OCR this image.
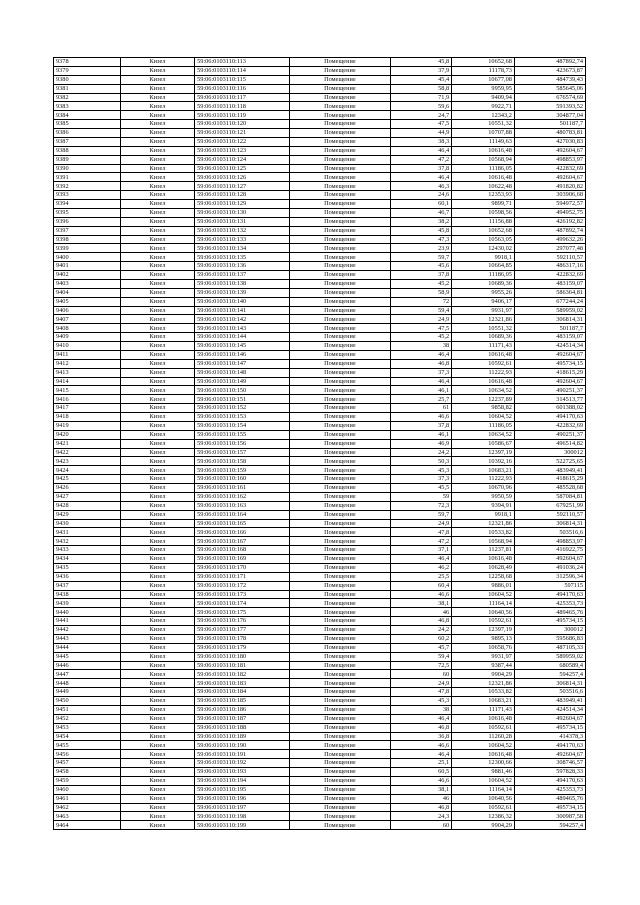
9378	Кизел	59:06:0103110:113	Помещение	45,8	10652,68	487892,74
9379	Кизел	59:06:0103110:114	Помещение	37,9	11178,73	423673,87
9380	Кизел	59:06:0103110:115	Помещение	45,4	10677,08	484739,43
9381	Кизел	59:06:0103110:116	Помещение	58,8	9959,95	585645,06
9382	Кизел	59:06:0103110:117	Помещение	71,9	9409,94	676574,69
9383	Кизел	59:06:0103110:118	Помещение	59,6	9922,71	591393,52
9384	Кизел	59:06:0103110:119	Помещение	24,7	12343,2	304877,04
9385	Кизел	59:06:0103110:120	Помещение	47,5	10551,32	501187,7
9386	Кизел	59:06:0103110:121	Помещение	44,9	10707,88	480783,81
9387	Кизел	59:06:0103110:122	Помещение	38,3	11149,63	427030,83
9388	Кизел	59:06:0103110:123	Помещение	46,4	10616,48	492604,67
9389	Кизел	59:06:0103110:124	Помещение	47,2	10568,94	498853,97
9390	Кизел	59:06:0103110:125	Помещение	37,8	11186,05	422832,69
9391	Кизел	59:06:0103110:126	Помещение	46,4	10616,48	492604,67
9392	Кизел	59:06:0103110:127	Помещение	46,3	10622,48	491820,82
9393	Кизел	59:06:0103110:128	Помещение	24,6	12353,93	303906,68
9394	Кизел	59:06:0103110:129	Помещение	60,1	9899,71	594972,57
9395	Кизел	59:06:0103110:130	Помещение	46,7	10598,56	494952,75
9396	Кизел	59:06:0103110:131	Помещение	38,2	11156,88	426192,82
9397	Кизел	59:06:0103110:132	Помещение	45,8	10652,68	487892,74
9398	Кизел	59:06:0103110:133	Помещение	47,3	10563,05	499632,26
9399	Кизел	59:06:0103110:134	Помещение	23,9	12430,02	297077,48
9400	Кизел	59:06:0103110:135	Помещение	59,7	9918,1	592110,57
9401	Кизел	59:06:0103110:136	Помещение	45,6	10664,85	486317,16
9402	Кизел	59:06:0103110:137	Помещение	37,8	11186,05	422832,69
9403	Кизел	59:06:0103110:138	Помещение	45,2	10689,36	483159,07
9404	Кизел	59:06:0103110:139	Помещение	58,9	9955,26	586364,81
9405	Кизел	59:06:0103110:140	Помещение	72	9406,17	677244,24
9406	Кизел	59:06:0103110:141	Помещение	59,4	9931,97	589959,02
9407	Кизел	59:06:0103110:142	Помещение	24,9	12321,86	306814,31
9408	Кизел	59:06:0103110:143	Помещение	47,5	10551,32	501187,7
9409	Кизел	59:06:0103110:144	Помещение	45,2	10689,36	483159,07
9410	Кизел	59:06:0103110:145	Помещение	38	11171,43	424514,34
9411	Кизел	59:06:0103110:146	Помещение	46,4	10616,48	492604,67
9412	Кизел	59:06:0103110:147	Помещение	46,8	10592,61	495734,15
9413	Кизел	59:06:0103110:148	Помещение	37,3	11222,93	418615,29
9414	Кизел	59:06:0103110:149	Помещение	46,4	10616,48	492604,67
9415	Кизел	59:06:0103110:150	Помещение	46,1	10634,52	490251,37
9416	Кизел	59:06:0103110:151	Помещение	25,7	12237,89	314513,77
9417	Кизел	59:06:0103110:152	Помещение	61	9858,82	601388,02
9418	Кизел	59:06:0103110:153	Помещение	46,6	10604,52	494170,63
9419	Кизел	59:06:0103110:154	Помещение	37,8	11186,05	422832,69
9420	Кизел	59:06:0103110:155	Помещение	46,1	10634,52	490251,37
9421	Кизел	59:06:0103110:156	Помещение	46,9	10586,67	496514,82
9422	Кизел	59:06:0103110:157	Помещение	24,2	12397,19	300012
9423	Кизел	59:06:0103110:158	Помещение	50,3	10392,16	522725,65
9424	Кизел	59:06:0103110:159	Помещение	45,3	10683,21	483949,41
9425	Кизел	59:06:0103110:160	Помещение	37,3	11222,93	418615,29
9426	Кизел	59:06:0103110:161	Помещение	45,5	10670,96	485528,68
9427	Кизел	59:06:0103110:162	Помещение	59	9950,59	587084,81
9428	Кизел	59:06:0103110:163	Помещение	72,3	9394,91	679251,99
9429	Кизел	59:06:0103110:164	Помещение	59,7	9918,1	592110,57
9430	Кизел	59:06:0103110:165	Помещение	24,9	12321,86	306814,31
9431	Кизел	59:06:0103110:166	Помещение	47,8	10533,82	503516,6
9432	Кизел	59:06:0103110:167	Помещение	47,2	10568,94	498853,97
9433	Кизел	59:06:0103110:168	Помещение	37,1	11237,81	416922,75
9434	Кизел	59:06:0103110:169	Помещение	46,4	10616,48	492604,67
9435	Кизел	59:06:0103110:170	Помещение	46,2	10628,49	491036,24
9436	Кизел	59:06:0103110:171	Помещение	25,5	12258,68	312596,34
9437	Кизел	59:06:0103110:172	Помещение	60,4	9886,01	597115
9438	Кизел	59:06:0103110:173	Помещение	46,6	10604,52	494170,63
9439	Кизел	59:06:0103110:174	Помещение	38,1	11164,14	425353,73
9440	Кизел	59:06:0103110:175	Помещение	46	10640,56	489465,76
9441	Кизел	59:06:0103110:176	Помещение	46,8	10592,61	495734,15
9442	Кизел	59:06:0103110:177	Помещение	24,2	12397,19	300012
9443	Кизел	59:06:0103110:178	Помещение	60,2	9895,13	595686,83
9444	Кизел	59:06:0103110:179	Помещение	45,7	10658,76	487105,33
9445	Кизел	59:06:0103110:180	Помещение	59,4	9931,97	589959,02
9446	Кизел	59:06:0103110:181	Помещение	72,5	9387,44	680589,4
9447	Кизел	59:06:0103110:182	Помещение	60	9904,29	594257,4
9448	Кизел	59:06:0103110:183	Помещение	24,9	12321,86	306814,31
9449	Кизел	59:06:0103110:184	Помещение	47,8	10533,82	503516,6
9450	Кизел	59:06:0103110:185	Помещение	45,3	10683,21	483949,41
9451	Кизел	59:06:0103110:186	Помещение	38	11171,43	424514,34
9452	Кизел	59:06:0103110:187	Помещение	46,4	10616,48	492604,67
9453	Кизел	59:06:0103110:188	Помещение	46,8	10592,61	495734,15
9454	Кизел	59:06:0103110:189	Помещение	36,8	11260,28	414378,3
9455	Кизел	59:06:0103110:190	Помещение	46,6	10604,52	494170,63
9456	Кизел	59:06:0103110:191	Помещение	46,4	10616,48	492604,67
9457	Кизел	59:06:0103110:192	Помещение	25,1	12300,66	308746,57
9458	Кизел	59:06:0103110:193	Помещение	60,5	9881,46	597828,33
9459	Кизел	59:06:0103110:194	Помещение	46,6	10604,52	494170,63
9460	Кизел	59:06:0103110:195	Помещение	38,1	11164,14	425353,73
9461	Кизел	59:06:0103110:196	Помещение	46	10640,56	489465,76
9462	Кизел	59:06:0103110:197	Помещение	46,8	10592,61	495734,15
9463	Кизел	59:06:0103110:198	Помещение	24,3	12386,32	300987,58
9464	Кизел	59:06:0103110:199	Помещение	60	9904,29	594257,4
